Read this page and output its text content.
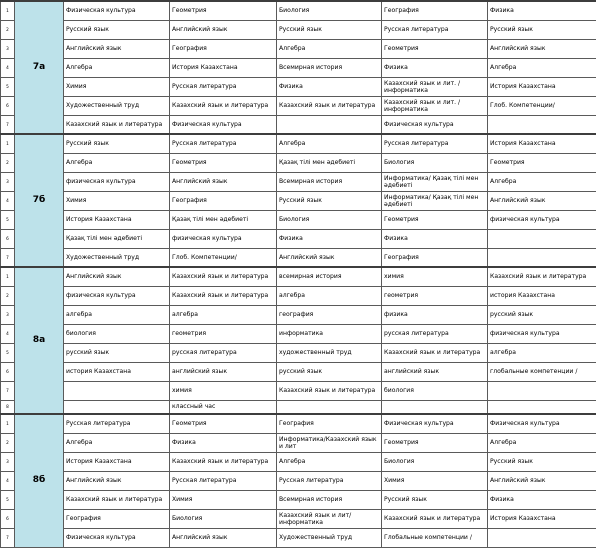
1	7а	Физическая культура	Геометрия	Биология	География	Физика
2		Русский язык	Английский язык	Русский язык	Русская литература	Русский язык
3		Английский язык	География	Алгебра	Геометрия	Английский язык
4		Алгебра	История Казахстана	Всемирная история	Физика	Алгебра
5		Химия	Русская литература	Физика	Казахский язык и лит. /информатика	История Казахстана
6		Художественный труд	Казахский язык и литература	Казахский язык и литература	Казахский язык и лит. / информатика	Глоб. Компетенции/
7		Казахский язык и литература	Физическая культура		Физическая культура	
1	7б	Русский язык	Русская литература	Алгебра	Русская литература	История Казахстана
2		Алгебра	Геометрия	Қазақ тілі мен әдебиеті	Биология	Геометрия
3		физическая культура	Английский язык	Всемирная история	Информатика/ Қазақ тілі мен әдебиеті	Алгебра
4		Химия	География	Русский язык	Информатика/ Қазақ тілі мен әдебиеті	Английский язык
5		История Казахстана	Қазақ тілі мен әдебиеті	Биология	Геометрия	физическая культура
6		Қазақ тілі мен әдебиеті	физическая культура	Физика	Физика	
7		Художественный труд	Глоб. Компетенции/	Английский язык	География	
1	8а	Английский язык	Казахский язык и литература	всемирная история	химия	Казахский язык и литература
2		физическая культура	Казахский язык и литература	алгебра	геометрия	история Казахстана
3		алгебра	алгебра	география	физика	русский язык
4		биология	геометрия	информатика	русская литература	физическая культура
5		русский язык	русская литература	художественный труд	Казахский язык и литература	алгебра
6		история Казахстана	английский язык	русский язык	английский язык	глобальные компетенции /
7			химия	Казахский язык и литература	биология	
8			классный час			
1	8б	Русская литература	Геометрия	География	Физическая культура	Физическая культура
2		Алгебра	Физика	Информатика/Казахский язык и лит	Геометрия	Алгебра
3		История Казахстана	Казахский язык и литература	Алгебра	Биология	Русский язык
4		Английский язык	Русская литература	Русская литература	Химия	Английский язык
5		Казахский язык и литература	Химия	Всемирная история	Русский язык	Физика
6		География	Биология	Казахский язык и лит/информатика	Казахский язык и литература	История Казахстана
7		Физическая культура	Английский язык	Художественный труд	Глобальные компетенции /	
